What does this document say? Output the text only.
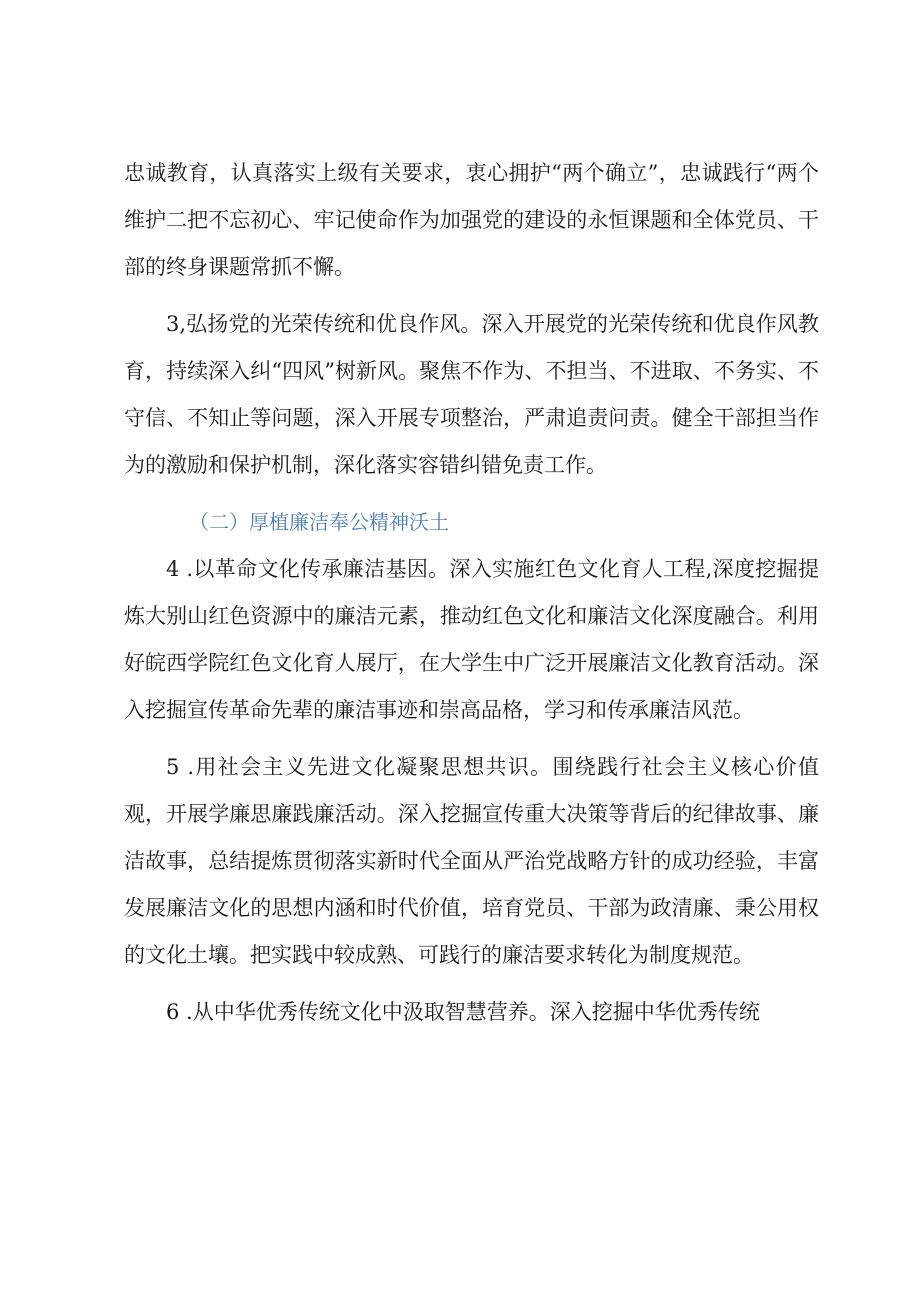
忠诚教育，认真落实上级有关要求，衷心拥护“两个确立”，忠诚践行“两个维护二把不忘初心、牢记使命作为加强党的建设的永恒课题和全体党员、干部的终身课题常抓不懈。

3,弘扬党的光荣传统和优良作风。深入开展党的光荣传统和优良作风教育，持续深入纠“四风”树新风。聚焦不作为、不担当、不进取、不务实、不守信、不知止等问题，深入开展专项整治，严肃追责问责。健全干部担当作为的激励和保护机制，深化落实容错纠错免责工作。

（二）厚植廉洁奉公精神沃土

4 .以革命文化传承廉洁基因。深入实施红色文化育人工程,深度挖掘提炼大别山红色资源中的廉洁元素，推动红色文化和廉洁文化深度融合。利用好皖西学院红色文化育人展厅，在大学生中广泛开展廉洁文化教育活动。深入挖掘宣传革命先辈的廉洁事迹和崇高品格，学习和传承廉洁风范。

5 .用社会主义先进文化凝聚思想共识。围绕践行社会主义核心价值观，开展学廉思廉践廉活动。深入挖掘宣传重大决策等背后的纪律故事、廉洁故事，总结提炼贯彻落实新时代全面从严治党战略方针的成功经验，丰富发展廉洁文化的思想内涵和时代价值，培育党员、干部为政清廉、秉公用权的文化土壤。把实践中较成熟、可践行的廉洁要求转化为制度规范。

6 .从中华优秀传统文化中汲取智慧营养。深入挖掘中华优秀传统
